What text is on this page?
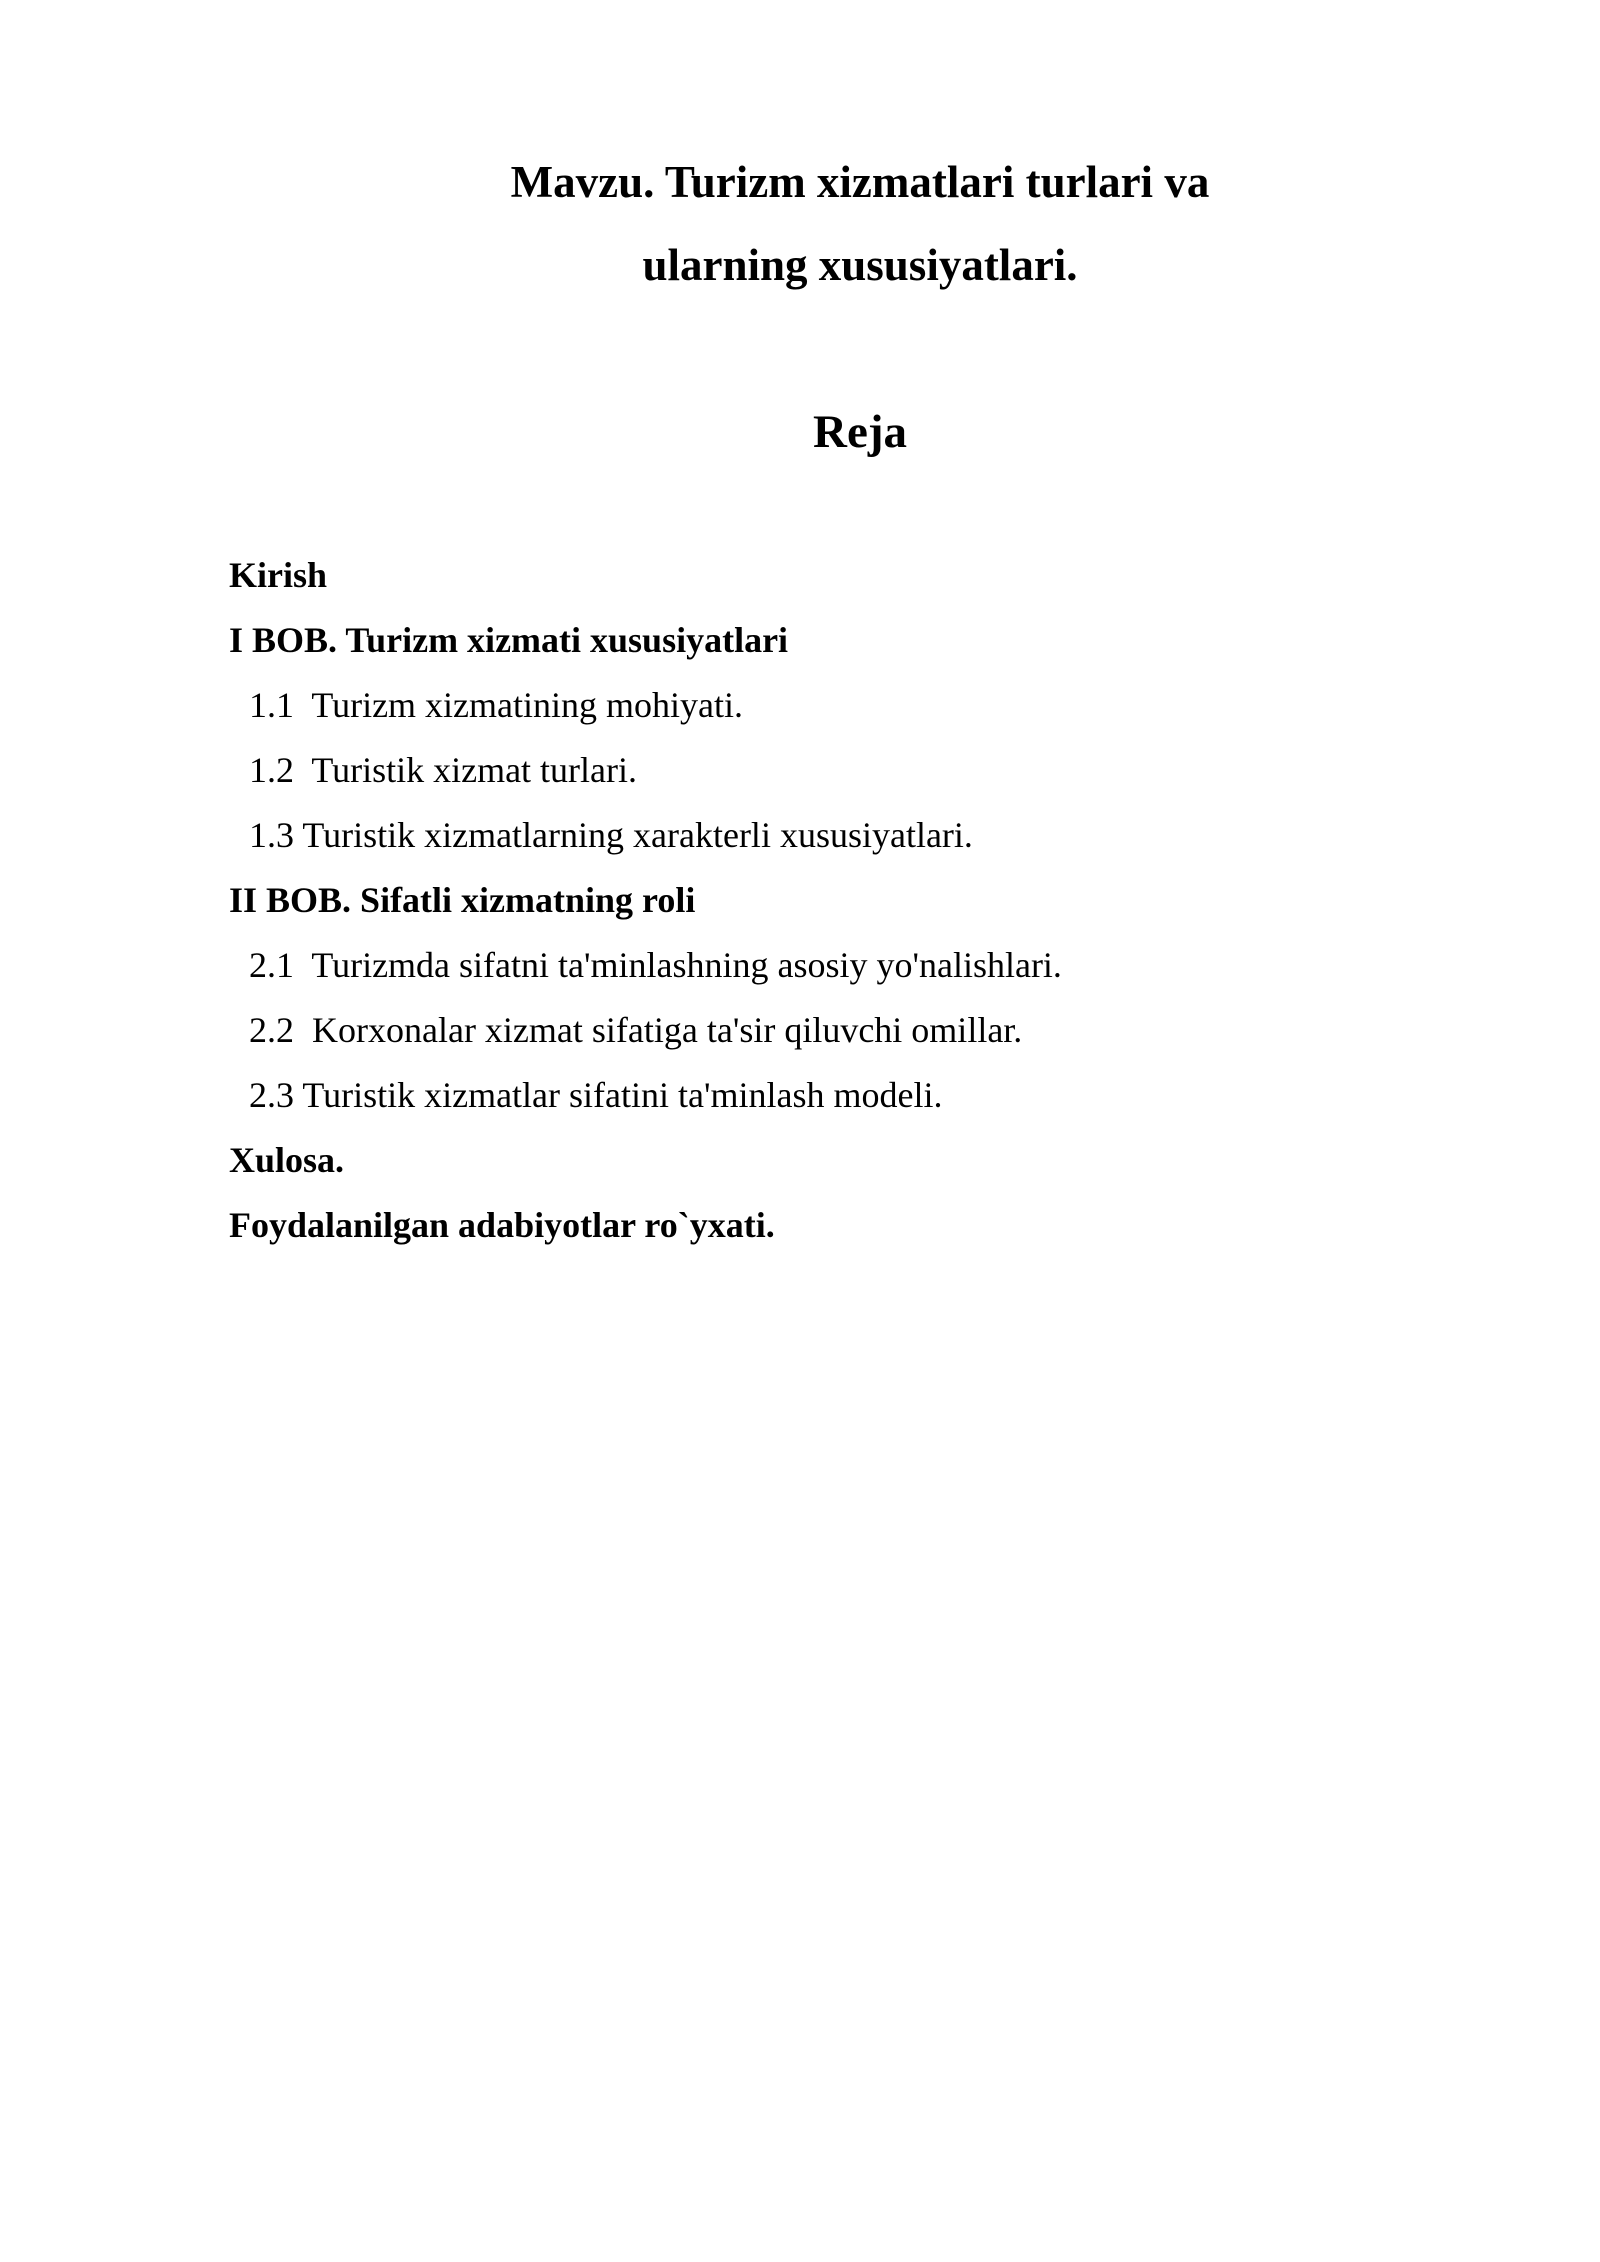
Mavzu. Turizm xizmatlari turlari va
ularning xususiyatlari.
Reja
Kirish
I BOB. Turizm xizmati xususiyatlari
1.1 Turizm xizmatining mohiyati.
1.2 Turistik xizmat turlari.
1.3 Turistik xizmatlarning xarakterli xususiyatlari.
II BOB. Sifatli xizmatning roli
2.1 Turizmda sifatni ta'minlashning asosiy yo'nalishlari.
2.2 Korxonalar xizmat sifatiga ta'sir qiluvchi omillar.
2.3 Turistik xizmatlar sifatini ta'minlash modeli.
Xulosa.
Foydalanilgan adabiyotlar ro`yxati.
